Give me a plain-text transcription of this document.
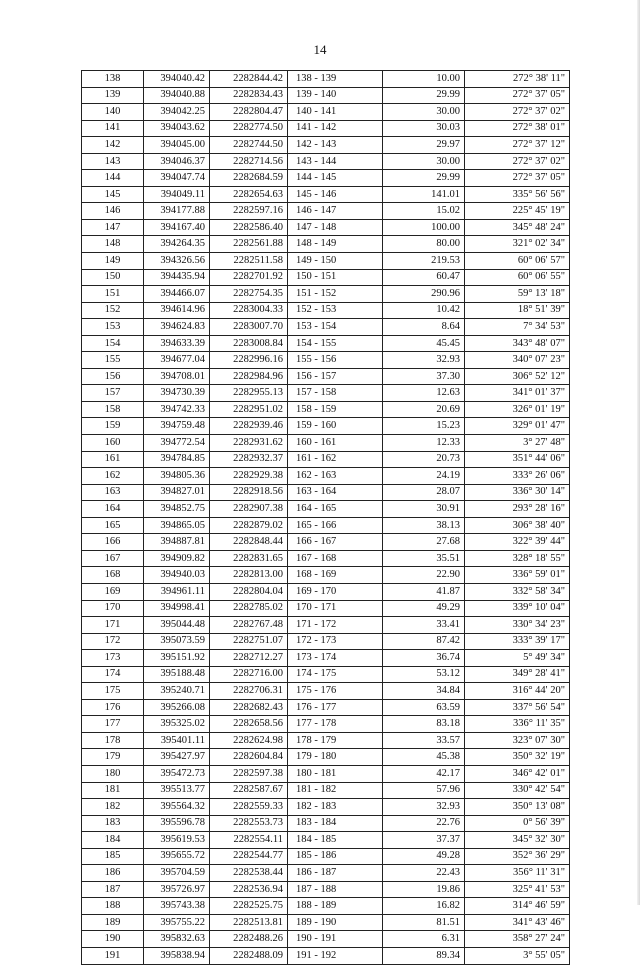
14
138	394040.42	2282844.42	138 - 139	10.00	272° 38' 11"
139	394040.88	2282834.43	139 - 140	29.99	272° 37' 05"
140	394042.25	2282804.47	140 - 141	30.00	272° 37' 02"
141	394043.62	2282774.50	141 - 142	30.03	272° 38' 01"
142	394045.00	2282744.50	142 - 143	29.97	272° 37' 12"
143	394046.37	2282714.56	143 - 144	30.00	272° 37' 02"
144	394047.74	2282684.59	144 - 145	29.99	272° 37' 05"
145	394049.11	2282654.63	145 - 146	141.01	335° 56' 56"
146	394177.88	2282597.16	146 - 147	15.02	225° 45' 19"
147	394167.40	2282586.40	147 - 148	100.00	345° 48' 24"
148	394264.35	2282561.88	148 - 149	80.00	321° 02' 34"
149	394326.56	2282511.58	149 - 150	219.53	60° 06' 57"
150	394435.94	2282701.92	150 - 151	60.47	60° 06' 55"
151	394466.07	2282754.35	151 - 152	290.96	59° 13' 18"
152	394614.96	2283004.33	152 - 153	10.42	18° 51' 39"
153	394624.83	2283007.70	153 - 154	8.64	7° 34' 53"
154	394633.39	2283008.84	154 - 155	45.45	343° 48' 07"
155	394677.04	2282996.16	155 - 156	32.93	340° 07' 23"
156	394708.01	2282984.96	156 - 157	37.30	306° 52' 12"
157	394730.39	2282955.13	157 - 158	12.63	341° 01' 37"
158	394742.33	2282951.02	158 - 159	20.69	326° 01' 19"
159	394759.48	2282939.46	159 - 160	15.23	329° 01' 47"
160	394772.54	2282931.62	160 - 161	12.33	3° 27' 48"
161	394784.85	2282932.37	161 - 162	20.73	351° 44' 06"
162	394805.36	2282929.38	162 - 163	24.19	333° 26' 06"
163	394827.01	2282918.56	163 - 164	28.07	336° 30' 14"
164	394852.75	2282907.38	164 - 165	30.91	293° 28' 16"
165	394865.05	2282879.02	165 - 166	38.13	306° 38' 40"
166	394887.81	2282848.44	166 - 167	27.68	322° 39' 44"
167	394909.82	2282831.65	167 - 168	35.51	328° 18' 55"
168	394940.03	2282813.00	168 - 169	22.90	336° 59' 01"
169	394961.11	2282804.04	169 - 170	41.87	332° 58' 34"
170	394998.41	2282785.02	170 - 171	49.29	339° 10' 04"
171	395044.48	2282767.48	171 - 172	33.41	330° 34' 23"
172	395073.59	2282751.07	172 - 173	87.42	333° 39' 17"
173	395151.92	2282712.27	173 - 174	36.74	5° 49' 34"
174	395188.48	2282716.00	174 - 175	53.12	349° 28' 41"
175	395240.71	2282706.31	175 - 176	34.84	316° 44' 20"
176	395266.08	2282682.43	176 - 177	63.59	337° 56' 54"
177	395325.02	2282658.56	177 - 178	83.18	336° 11' 35"
178	395401.11	2282624.98	178 - 179	33.57	323° 07' 30"
179	395427.97	2282604.84	179 - 180	45.38	350° 32' 19"
180	395472.73	2282597.38	180 - 181	42.17	346° 42' 01"
181	395513.77	2282587.67	181 - 182	57.96	330° 42' 54"
182	395564.32	2282559.33	182 - 183	32.93	350° 13' 08"
183	395596.78	2282553.73	183 - 184	22.76	0° 56' 39"
184	395619.53	2282554.11	184 - 185	37.37	345° 32' 30"
185	395655.72	2282544.77	185 - 186	49.28	352° 36' 29"
186	395704.59	2282538.44	186 - 187	22.43	356° 11' 31"
187	395726.97	2282536.94	187 - 188	19.86	325° 41' 53"
188	395743.38	2282525.75	188 - 189	16.82	314° 46' 59"
189	395755.22	2282513.81	189 - 190	81.51	341° 43' 46"
190	395832.63	2282488.26	190 - 191	6.31	358° 27' 24"
191	395838.94	2282488.09	191 - 192	89.34	3° 55' 05"
